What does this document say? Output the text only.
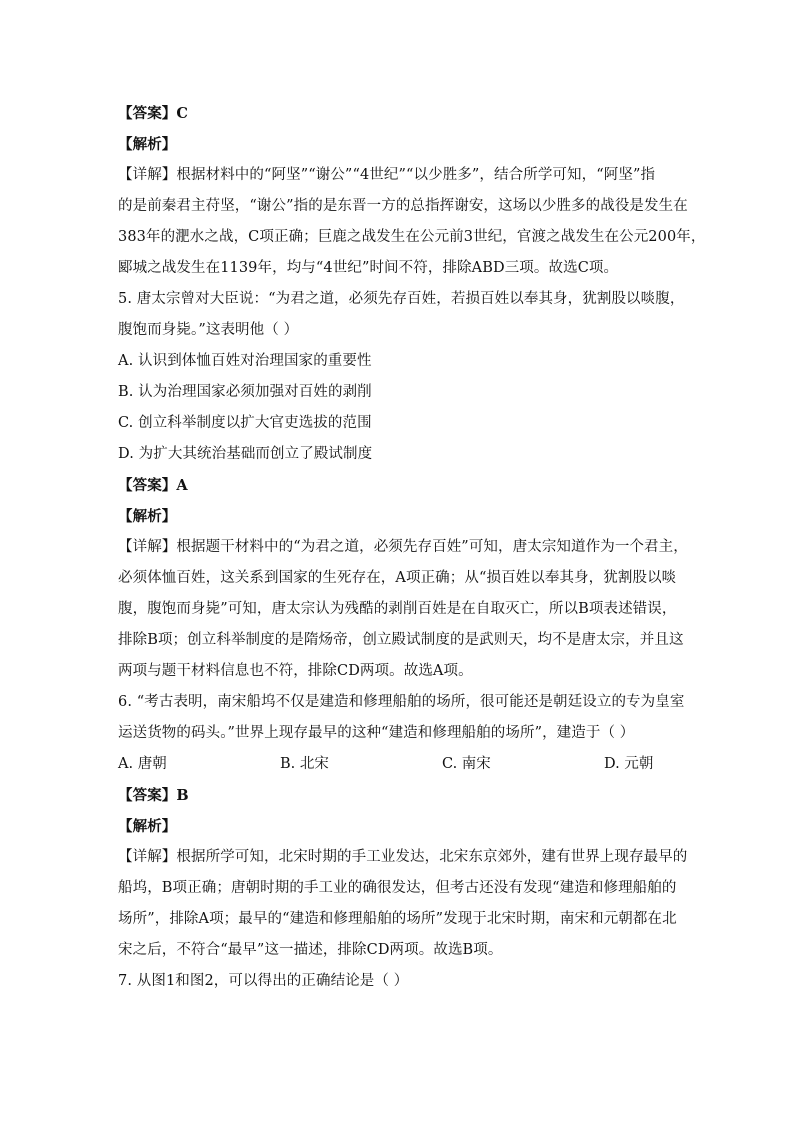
【答案】C
【解析】
【详解】根据材料中的“阿坚”“谢公”“4世纪”“以少胜多”，结合所学可知，“阿坚”指
的是前秦君主苻坚，“谢公”指的是东晋一方的总指挥谢安，这场以少胜多的战役是发生在
383年的淝水之战，C项正确；巨鹿之战发生在公元前3世纪，官渡之战发生在公元200年，
郾城之战发生在1139年，均与“4世纪”时间不符，排除ABD三项。故选C项。
5. 唐太宗曾对大臣说：“为君之道，必须先存百姓，若损百姓以奉其身，犹割股以啖腹，
腹饱而身毙。”这表明他（ ）
A. 认识到体恤百姓对治理国家的重要性
B. 认为治理国家必须加强对百姓的剥削
C. 创立科举制度以扩大官吏选拔的范围
D. 为扩大其统治基础而创立了殿试制度
【答案】A
【解析】
【详解】根据题干材料中的“为君之道，必须先存百姓”可知，唐太宗知道作为一个君主，
必须体恤百姓，这关系到国家的生死存在，A项正确；从“损百姓以奉其身，犹割股以啖
腹，腹饱而身毙”可知，唐太宗认为残酷的剥削百姓是在自取灭亡，所以B项表述错误，
排除B项；创立科举制度的是隋炀帝，创立殿试制度的是武则天，均不是唐太宗，并且这
两项与题干材料信息也不符，排除CD两项。故选A项。
6. “考古表明，南宋船坞不仅是建造和修理船舶的场所，很可能还是朝廷设立的专为皇室
运送货物的码头。”世界上现存最早的这种“建造和修理船舶的场所”，建造于（ ）
A. 唐朝	B. 北宋	C. 南宋	D. 元朝
【答案】B
【解析】
【详解】根据所学可知，北宋时期的手工业发达，北宋东京郊外，建有世界上现存最早的
船坞，B项正确；唐朝时期的手工业的确很发达，但考古还没有发现“建造和修理船舶的
场所”，排除A项；最早的“建造和修理船舶的场所”发现于北宋时期，南宋和元朝都在北
宋之后，不符合“最早”这一描述，排除CD两项。故选B项。
7. 从图1和图2，可以得出的正确结论是（ ）
